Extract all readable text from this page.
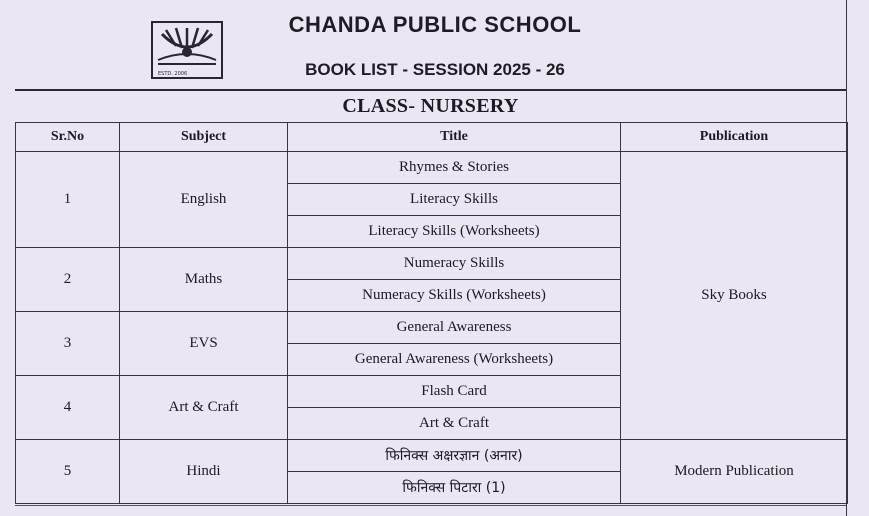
ESTD. 2006
CHANDA PUBLIC SCHOOL
BOOK LIST - SESSION 2025 - 26
CLASS- NURSERY
Sr.No	Subject	Title	Publication
1	English	Rhymes & Stories	Sky Books
		Literacy Skills	
		Literacy Skills (Worksheets)	
2	Maths	Numeracy Skills	
		Numeracy Skills (Worksheets)	
3	EVS	General Awareness	
		General Awareness (Worksheets)	
4	Art & Craft	Flash Card	
		Art & Craft	
5	Hindi	फिनिक्स अक्षरज्ञान (अनार)	Modern Publication
		फिनिक्स पिटारा (1)	
